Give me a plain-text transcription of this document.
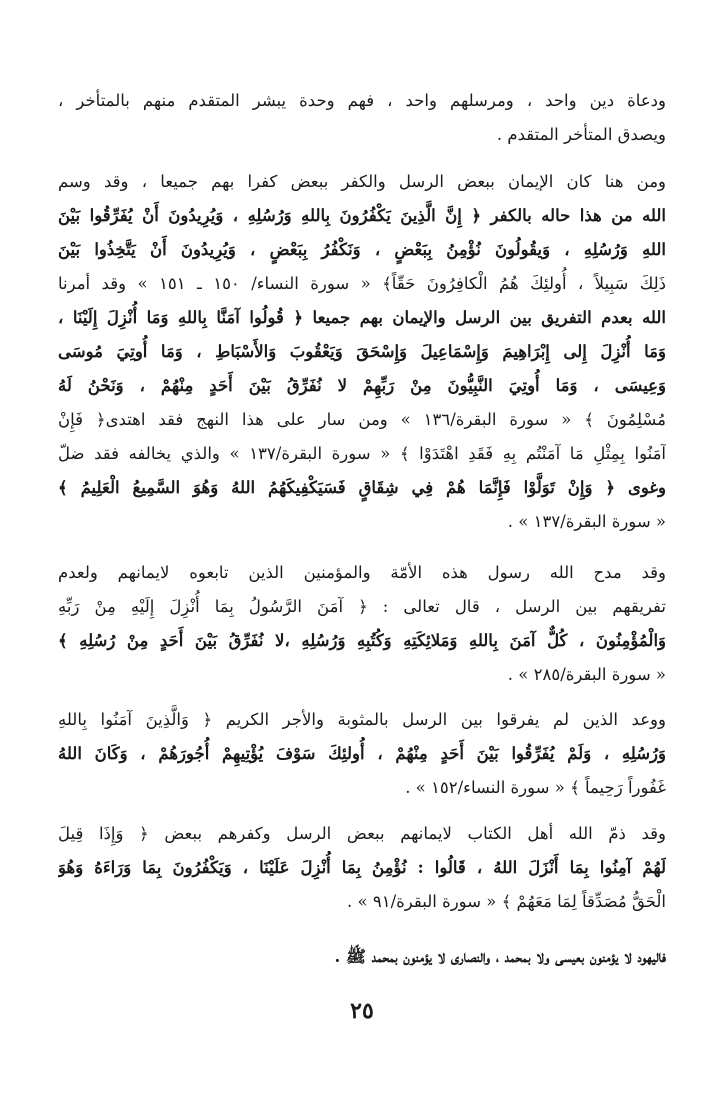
ودعاة دين واحد ، ومرسلهم واحد ، فهم وحدة يبشر المتقدم منهم بالمتأخر ،
ويصدق المتأخر المتقدم .
ومن هنا كان الإيمان ببعض الرسل والكفر ببعض كفرا بهم جميعا ، وقد وسم
الله من هذا حاله بالكفر ﴿ إِنَّ الَّذِينَ يَكْفُرُونَ بِاللهِ وَرُسُلِهِ ، وَيُرِيدُونَ أَنْ يُفَرِّقُوا بَيْنَ
اللهِ وَرُسُلِهِ ، وَيقُولُونَ نُؤْمِنُ بِبَعْضٍ ، وَنَكْفُرُ بِبَعْضٍ ، وَيُرِيدُونَ أَنْ يَتَّخِذُوا بَيْنَ
ذَلِكَ سَبِيلاً ، أُولئِكَ هُمُ الْكافِرُونَ حَقّاً﴾ « سورة النساء/ ١٥٠ ـ ١٥١ » وقد أمرنا
الله بعدم التفريق بين الرسل والإيمان بهم جميعا ﴿ قُولُوا آمَنَّا بِاللهِ وَمَا أُنْزِلَ إِلَيْنَا ،
وَمَا أُنْزِلَ إِلى إِبْرَاهِيمَ وَإِسْمَاعِيلَ وَإِسْحَقَ وَيَعْقُوبَ وَالأَسْبَاطِ ، وَمَا أُوتِيَ مُوسَى
وَعِيسَى ، وَمَا أُوتِيَ النَّبِيُّونَ مِنْ رَبِّهِمْ لا نُفَرِّقُ بَيْنَ أَحَدٍ مِنْهُمْ ، وَنَحْنُ لَهُ
مُسْلِمُونَ ﴾ « سورة البقرة/١٣٦ » ومن سار على هذا النهج فقد اهتدى﴿ فَإِنْ
آمَنُوا بِمِثْلِ مَا آمَنْتُم بِهِ فَقَدِ اهْتَدَوْا ﴾ « سورة البقرة/١٣٧ » والذي يخالفه فقد ضلّ
وغوى ﴿ وَإِنْ تَوَلَّوْا فَإِنَّمَا هُمْ فِي شِقَاقٍ فَسَيَكْفِيكَهُمُ اللهُ وَهُوَ السَّمِيعُ الْعَلِيمُ ﴾
« سورة البقرة/١٣٧ » .
وقد مدح الله رسول هذه الأمّة والمؤمنين الذين تابعوه لايمانهم ولعدم
تفريقهم بين الرسل ، قال تعالى : ﴿ آمَنَ الرَّسُولُ بِمَا أُنْزِلَ إِلَيْهِ مِنْ رَبِّهِ
وَالْمُؤْمِنُونَ ، كُلٌّ آمَنَ بِاللهِ وَمَلائِكَتِهِ وَكُتُبِهِ وَرُسُلِهِ ،لا نُفَرِّقُ بَيْنَ أَحَدٍ مِنْ رُسُلِهِ ﴾
« سورة البقرة/٢٨٥ » .
ووعد الذين لم يفرقوا بين الرسل بالمثوبة والأجر الكريم ﴿ وَالَّذِينَ آمَنُوا بِاللهِ
وَرُسُلِهِ ، وَلَمْ يُفَرِّقُوا بَيْنَ أَحَدٍ مِنْهُمْ ، أُولئِكَ سَوْفَ يُؤْتِيهِمْ أُجُورَهُمْ ، وَكَانَ اللهُ
غَفُوراً رَحِيماً ﴾ « سورة النساء/١٥٢ » .
وقد ذمّ الله أهل الكتاب لايمانهم ببعض الرسل وكفرهم ببعض ﴿ وَإِذَا قِيلَ
لَهُمْ آمِنُوا بِمَا أَنْزَلَ اللهُ ، قَالُوا : نُؤْمِنُ بِمَا أُنْزِلَ عَلَيْنَا ، وَيَكْفُرُونَ بِمَا وَرَاءَهُ وَهُوَ
الْحَقُّ مُصَدِّقاً لِمَا مَعَهُمْ ﴾ « سورة البقرة/٩١ » .
فاليهود لا يؤمنون بعيسى ولا بمحمد ، والنصارى لا يؤمنون بمحمد ﷺ .
٢٥
